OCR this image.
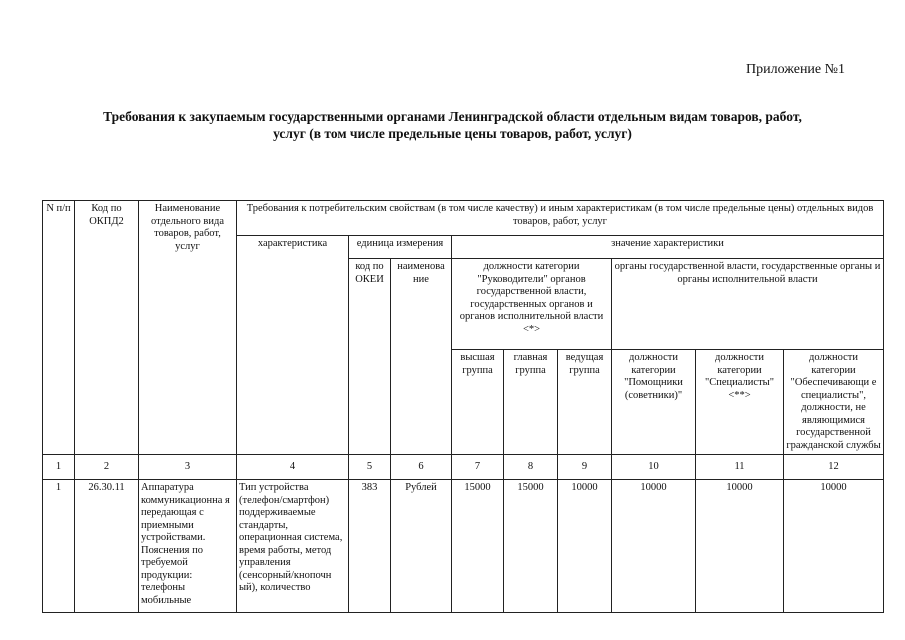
Приложение №1
Требования к закупаемым государственными органами Ленинградской области отдельным видам товаров, работ,
услуг (в том числе предельные цены товаров, работ, услуг)
N п/п	Код по ОКПД2	Наименование отдельного вида товаров, работ, услуг	Требования к потребительским свойствам (в том числе качеству) и иным характеристикам (в том числе предельные цены) отдельных видов товаров, работ, услуг								
			характеристика	единица измерения		значение характеристики					
				код по ОКЕИ	наименова ние	должности категории "Руководители" органов государственной власти, государственных органов и органов исполнительной власти <*>			органы государственной власти, государственные органы и органы исполнительной власти		
						высшая группа	главная группа	ведущая группа	должности категории "Помощники (советники)"	должности категории "Специалисты" <**>	должности категории "Обеспечивающи е специалисты", должности, не являющимися государственной гражданской службы
1	2	3	4	5	6	7	8	9	10	11	12
1	26.30.11	Аппаратура коммуникационна я передающая с приемными устройствами. Пояснения по требуемой продукции: телефоны мобильные	Тип устройства (телефон/смартфон) поддерживаемые стандарты, операционная система, время работы, метод управления (сенсорный/кнопочн ый), количество	383	Рублей	15000	15000	10000	10000	10000	10000
